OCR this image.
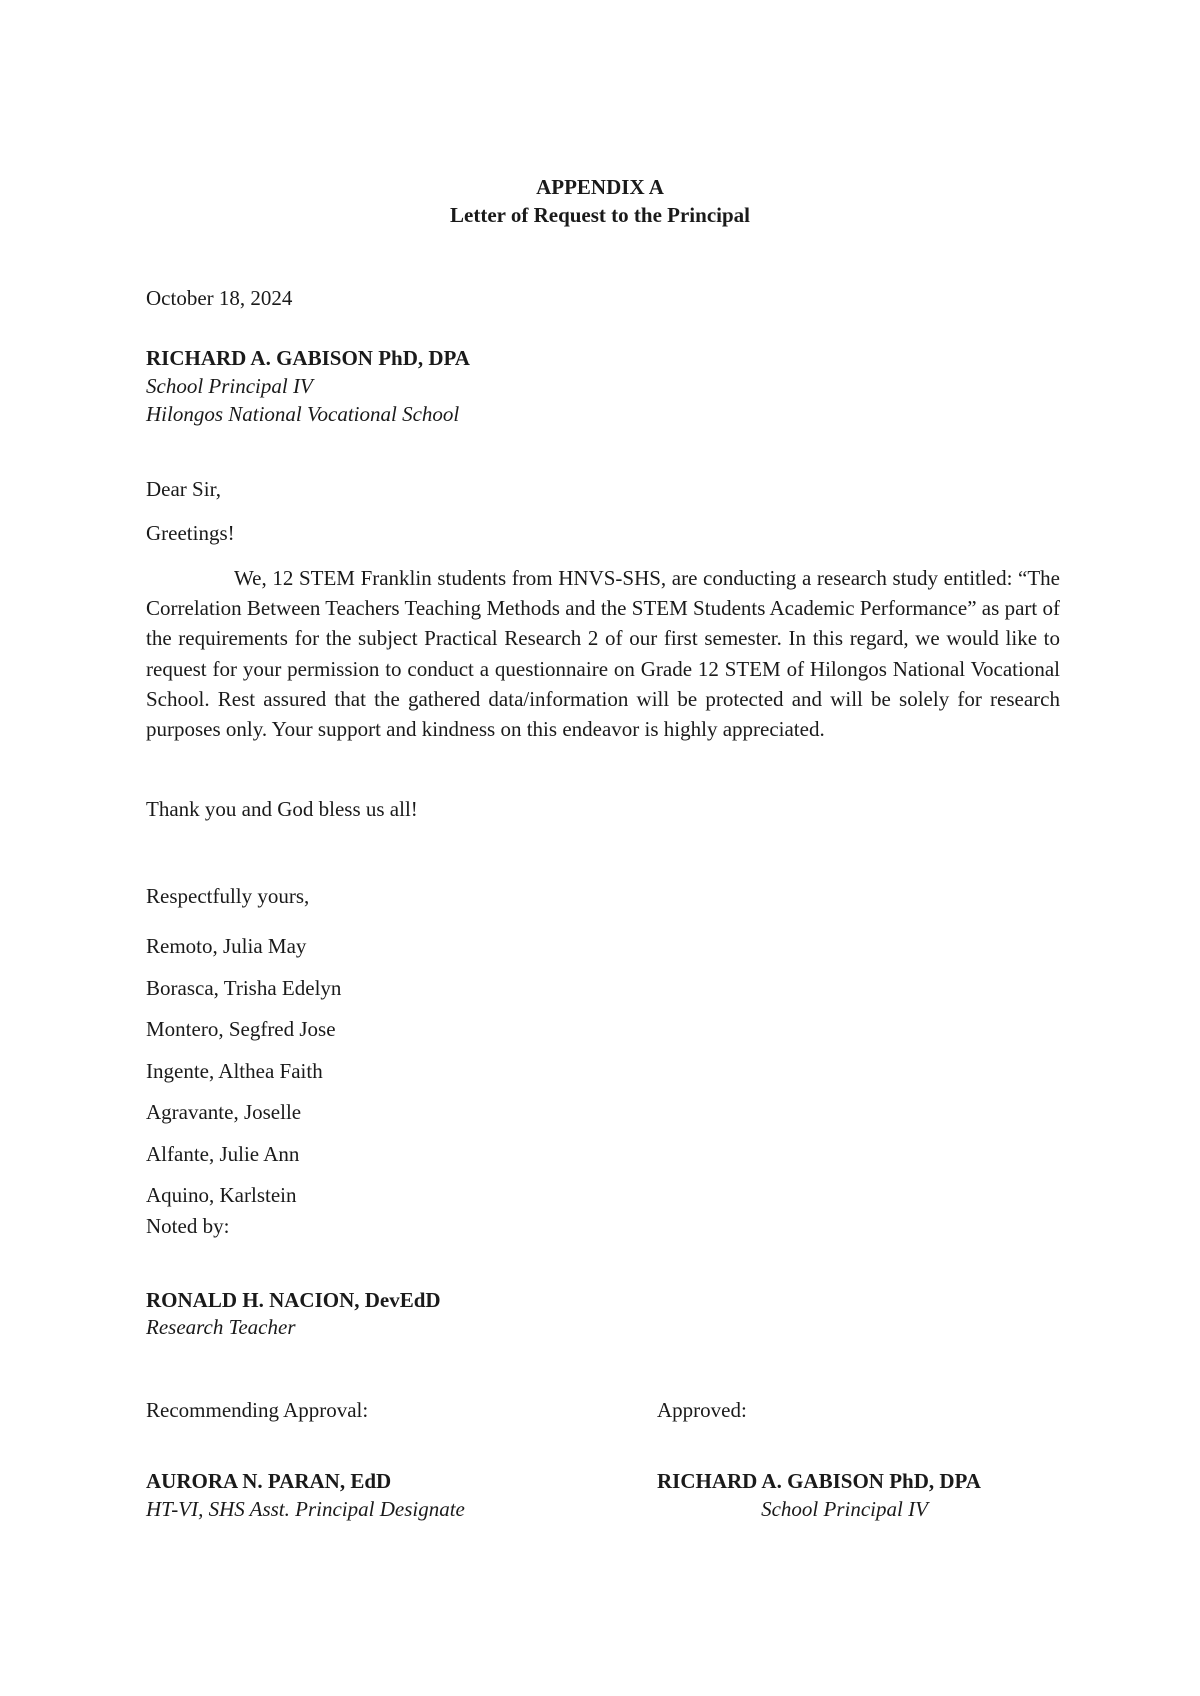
APPENDIX A

Letter of Request to the Principal

October 18, 2024

RICHARD A. GABISON PhD, DPA

School Principal IV

Hilongos National Vocational School

Dear Sir,

Greetings!

We, 12 STEM Franklin students from HNVS-SHS, are conducting a research study entitled: “The Correlation Between Teachers Teaching Methods and the STEM Students Academic Performance” as part of the requirements for the subject Practical Research 2 of our first semester. In this regard, we would like to request for your permission to conduct a questionnaire on Grade 12 STEM of Hilongos National Vocational School. Rest assured that the gathered data/information will be protected and will be solely for research purposes only. Your support and kindness on this endeavor is highly appreciated.

Thank you and God bless us all!

Respectfully yours,

Remoto, Julia May
Borasca, Trisha Edelyn
Montero, Segfred Jose
Ingente, Althea Faith
Agravante, Joselle
Alfante, Julie Ann
Aquino, Karlstein

Noted by:

RONALD H. NACION, DevEdD

Research Teacher

Recommending Approval:	Approved:

AURORA N. PARAN, EdD

HT-VI, SHS Asst. Principal Designate

RICHARD A. GABISON PhD, DPA

School Principal IV
